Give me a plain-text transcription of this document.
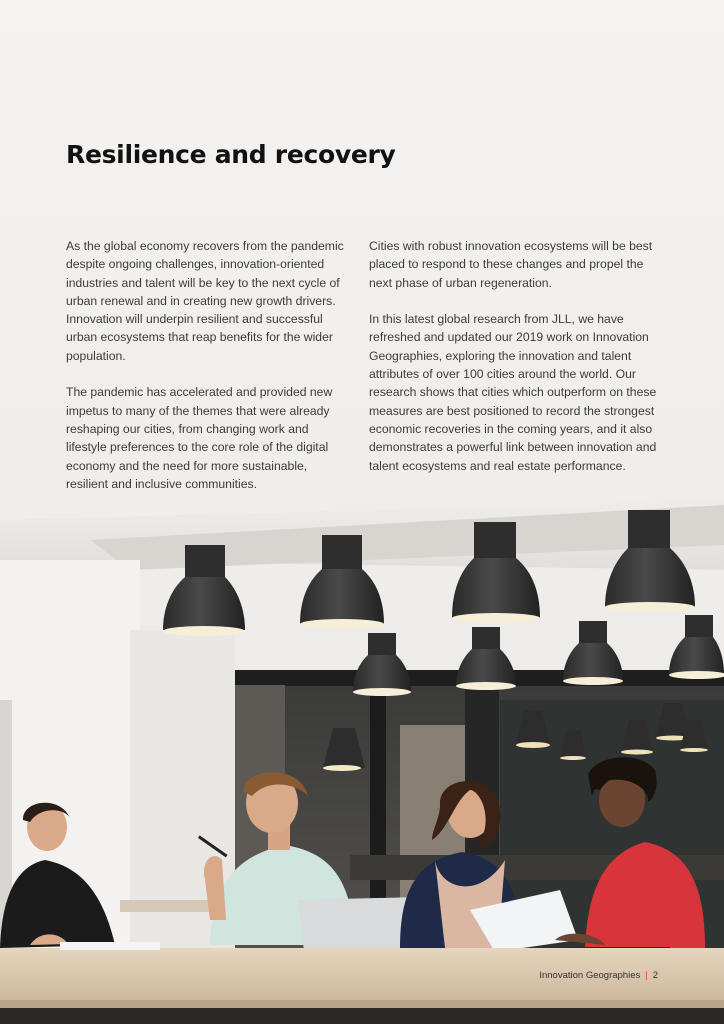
Resilience and recovery

As the global economy recovers from the pandemic despite ongoing challenges, innovation-oriented industries and talent will be key to the next cycle of urban renewal and in creating new growth drivers. Innovation will underpin resilient and successful urban ecosystems that reap benefits for the wider population.

The pandemic has accelerated and provided new impetus to many of the themes that were already reshaping our cities, from changing work and lifestyle preferences to the core role of the digital economy and the need for more sustainable, resilient and inclusive communities.

Cities with robust innovation ecosystems will be best placed to respond to these changes and propel the next phase of urban regeneration.

In this latest global research from JLL, we have refreshed and updated our 2019 work on Innovation Geographies, exploring the innovation and talent attributes of over 100 cities around the world. Our research shows that cities which outperform on these measures are best positioned to record the strongest economic recoveries in the coming years, and it also demonstrates a powerful link between innovation and talent ecosystems and real estate performance.

Innovation Geographies | 2
